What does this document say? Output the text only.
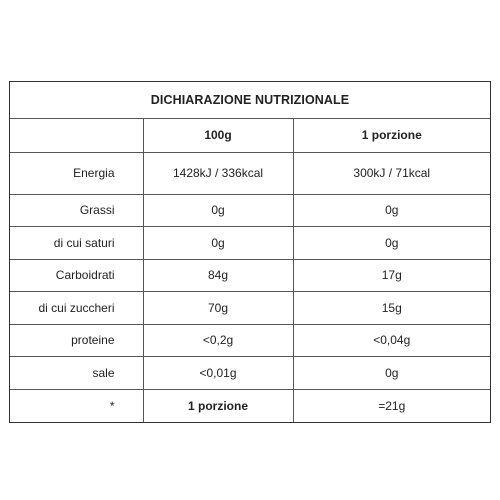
DICHIARAZIONE NUTRIZIONALE
	100g	1 porzione
Energia	1428kJ / 336kcal	300kJ / 71kcal
Grassi	0g	0g
di cui saturi	0g	0g
Carboidrati	84g	17g
di cui zuccheri	70g	15g
proteine	<0,2g	<0,04g
sale	<0,01g	0g
*	1 porzione	=21g
